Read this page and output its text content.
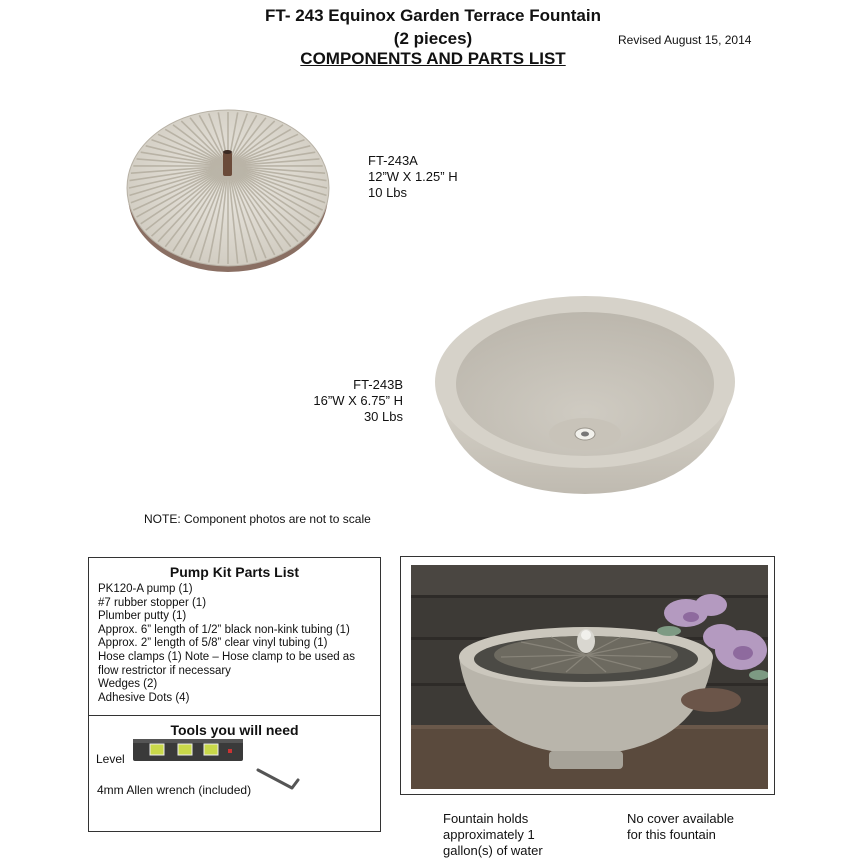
FT- 243 Equinox Garden Terrace Fountain
(2 pieces)
COMPONENTS AND PARTS LIST
Revised August 15, 2014
FT-243A
12”W X 1.25” H
10 Lbs
FT-243B
16”W X 6.75” H
30 Lbs
NOTE: Component photos are not to scale
Pump Kit Parts List
PK120-A pump (1)
#7 rubber stopper (1)
Plumber putty (1)
Approx. 6” length of 1/2” black non-kink tubing (1)
Approx. 2” length of 5/8” clear vinyl tubing (1)
Hose clamps (1) Note – Hose clamp to be used as flow restrictor if necessary
Wedges (2)
Adhesive Dots (4)
Tools you will need
Level
4mm Allen wrench (included)
Fountain holds approximately 1 gallon(s) of water
No cover available for this fountain
